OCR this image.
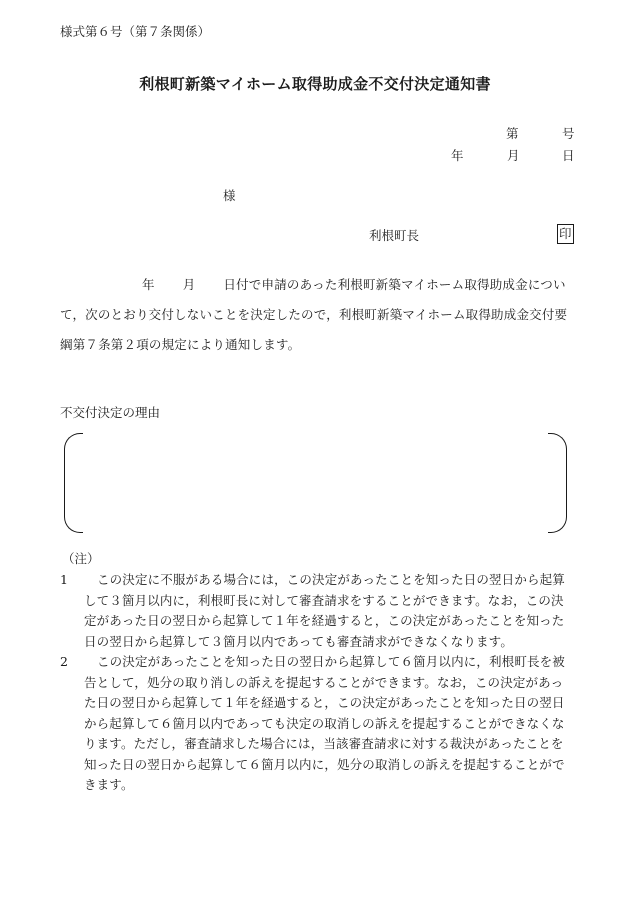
様式第６号（第７条関係）
利根町新築マイホーム取得助成金不交付決定通知書
第	号
年	月	日
様
利根町長	印
年 月 日付で申請のあった利根町新築マイホーム取得助成金について，次のとおり交付しないことを決定したので，利根町新築マイホーム取得助成金交付要綱第７条第２項の規定により通知します。
不交付決定の理由
（注）
1	この決定に不服がある場合には，この決定があったことを知った日の翌日から起算して３箇月以内に，利根町長に対して審査請求をすることができます。なお，この決定があった日の翌日から起算して１年を経過すると，この決定があったことを知った日の翌日から起算して３箇月以内であっても審査請求ができなくなります。
2	この決定があったことを知った日の翌日から起算して６箇月以内に，利根町長を被告として，処分の取り消しの訴えを提起することができます。なお，この決定があった日の翌日から起算して１年を経過すると，この決定があったことを知った日の翌日から起算して６箇月以内であっても決定の取消しの訴えを提起することができなくなります。ただし，審査請求した場合には，当該審査請求に対する裁決があったことを知った日の翌日から起算して６箇月以内に，処分の取消しの訴えを提起することができます。
